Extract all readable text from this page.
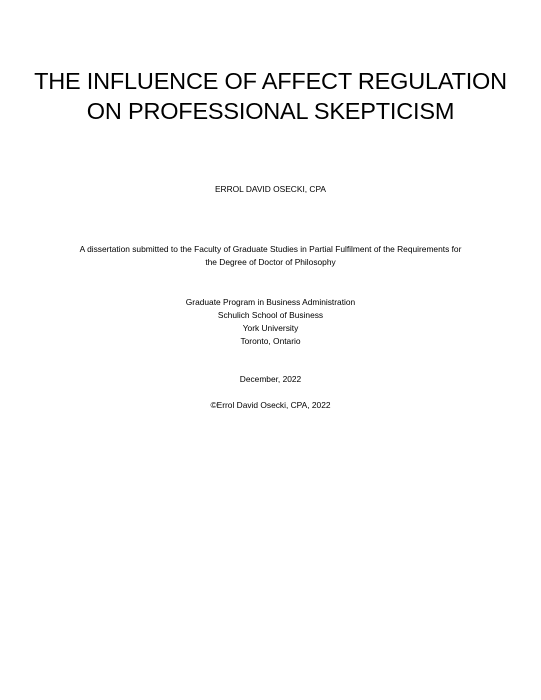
THE INFLUENCE OF AFFECT REGULATION
ON PROFESSIONAL SKEPTICISM
ERROL DAVID OSECKI, CPA
A dissertation submitted to the Faculty of Graduate Studies in Partial Fulfilment of the Requirements for
the Degree of Doctor of Philosophy
Graduate Program in Business Administration
Schulich School of Business
York University
Toronto, Ontario
December, 2022
©Errol David Osecki, CPA, 2022
